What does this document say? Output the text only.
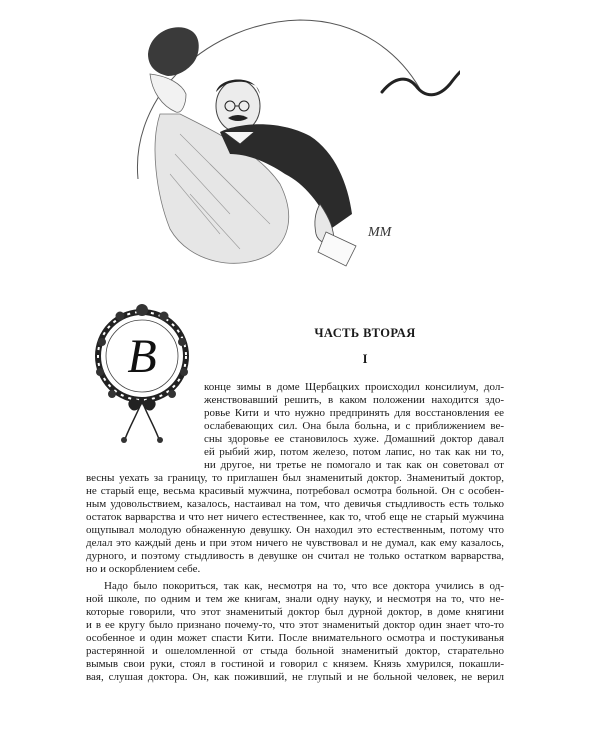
MM
В	ЧАСТЬ ВТОРАЯ
I
конце зимы в доме Щербацких происходил консилиум, дол-
женствовавший решить, в каком положении находится здо-
ровье Кити и что нужно предпринять для восстановления ее
ослабевающих сил. Она была больна, и с приближением ве-
сны здоровье ее становилось хуже. Домашний доктор давал
ей рыбий жир, потом железо, потом лапис, но так как ни то,
ни другое, ни третье не помогало и так как он советовал от
весны уехать за границу, то приглашен был знаменитый доктор. Знаменитый доктор,
не старый еще, весьма красивый мужчина, потребовал осмотра больной. Он с особен-
ным удовольствием, казалось, настаивал на том, что девичья стыдливость есть только
остаток варварства и что нет ничего естественнее, как то, чтоб еще не старый мужчина
ощупывал молодую обнаженную девушку. Он находил это естественным, потому что
делал это каждый день и при этом ничего не чувствовал и не думал, как ему казалось,
дурного, и поэтому стыдливость в девушке он считал не только остатком варварства,
но и оскорблением себе.
Надо было покориться, так как, несмотря на то, что все доктора учились в од-
ной школе, по одним и тем же книгам, знали одну науку, и несмотря на то, что не-
которые говорили, что этот знаменитый доктор был дурной доктор, в доме княгини
и в ее кругу было признано почему-то, что этот знаменитый доктор один знает что-то
особенное и один может спасти Кити. После внимательного осмотра и постукиванья
растерянной и ошеломленной от стыда больной знаменитый доктор, старательно
вымыв свои руки, стоял в гостиной и говорил с князем. Князь хмурился, покашли-
вая, слушая доктора. Он, как поживший, не глупый и не больной человек, не верил
